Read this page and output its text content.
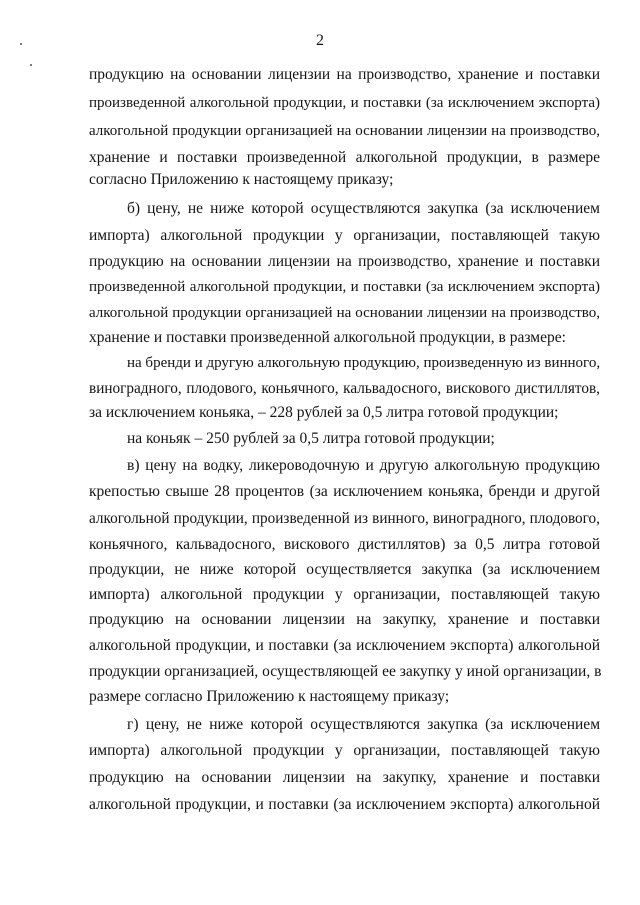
2
продукцию на основании лицензии на производство, хранение и поставки
произведенной алкогольной продукции, и поставки (за исключением экспорта)
алкогольной продукции организацией на основании лицензии на производство,
хранение и поставки произведенной алкогольной продукции, в размере
согласно Приложению к настоящему приказу;
б) цену, не ниже которой осуществляются закупка (за исключением
импорта) алкогольной продукции у организации, поставляющей такую
продукцию на основании лицензии на производство, хранение и поставки
произведенной алкогольной продукции, и поставки (за исключением экспорта)
алкогольной продукции организацией на основании лицензии на производство,
хранение и поставки произведенной алкогольной продукции, в размере:
на бренди и другую алкогольную продукцию, произведенную из винного,
виноградного, плодового, коньячного, кальвадосного, вискового дистиллятов,
за исключением коньяка, – 228 рублей за 0,5 литра готовой продукции;
на коньяк – 250 рублей за 0,5 литра готовой продукции;
в) цену на водку, ликероводочную и другую алкогольную продукцию
крепостью свыше 28 процентов (за исключением коньяка, бренди и другой
алкогольной продукции, произведенной из винного, виноградного, плодового,
коньячного, кальвадосного, вискового дистиллятов) за 0,5 литра готовой
продукции, не ниже которой осуществляется закупка (за исключением
импорта) алкогольной продукции у организации, поставляющей такую
продукцию на основании лицензии на закупку, хранение и поставки
алкогольной продукции, и поставки (за исключением экспорта) алкогольной
продукции организацией, осуществляющей ее закупку у иной организации, в
размере согласно Приложению к настоящему приказу;
г) цену, не ниже которой осуществляются закупка (за исключением
импорта) алкогольной продукции у организации, поставляющей такую
продукцию на основании лицензии на закупку, хранение и поставки
алкогольной продукции, и поставки (за исключением экспорта) алкогольной
